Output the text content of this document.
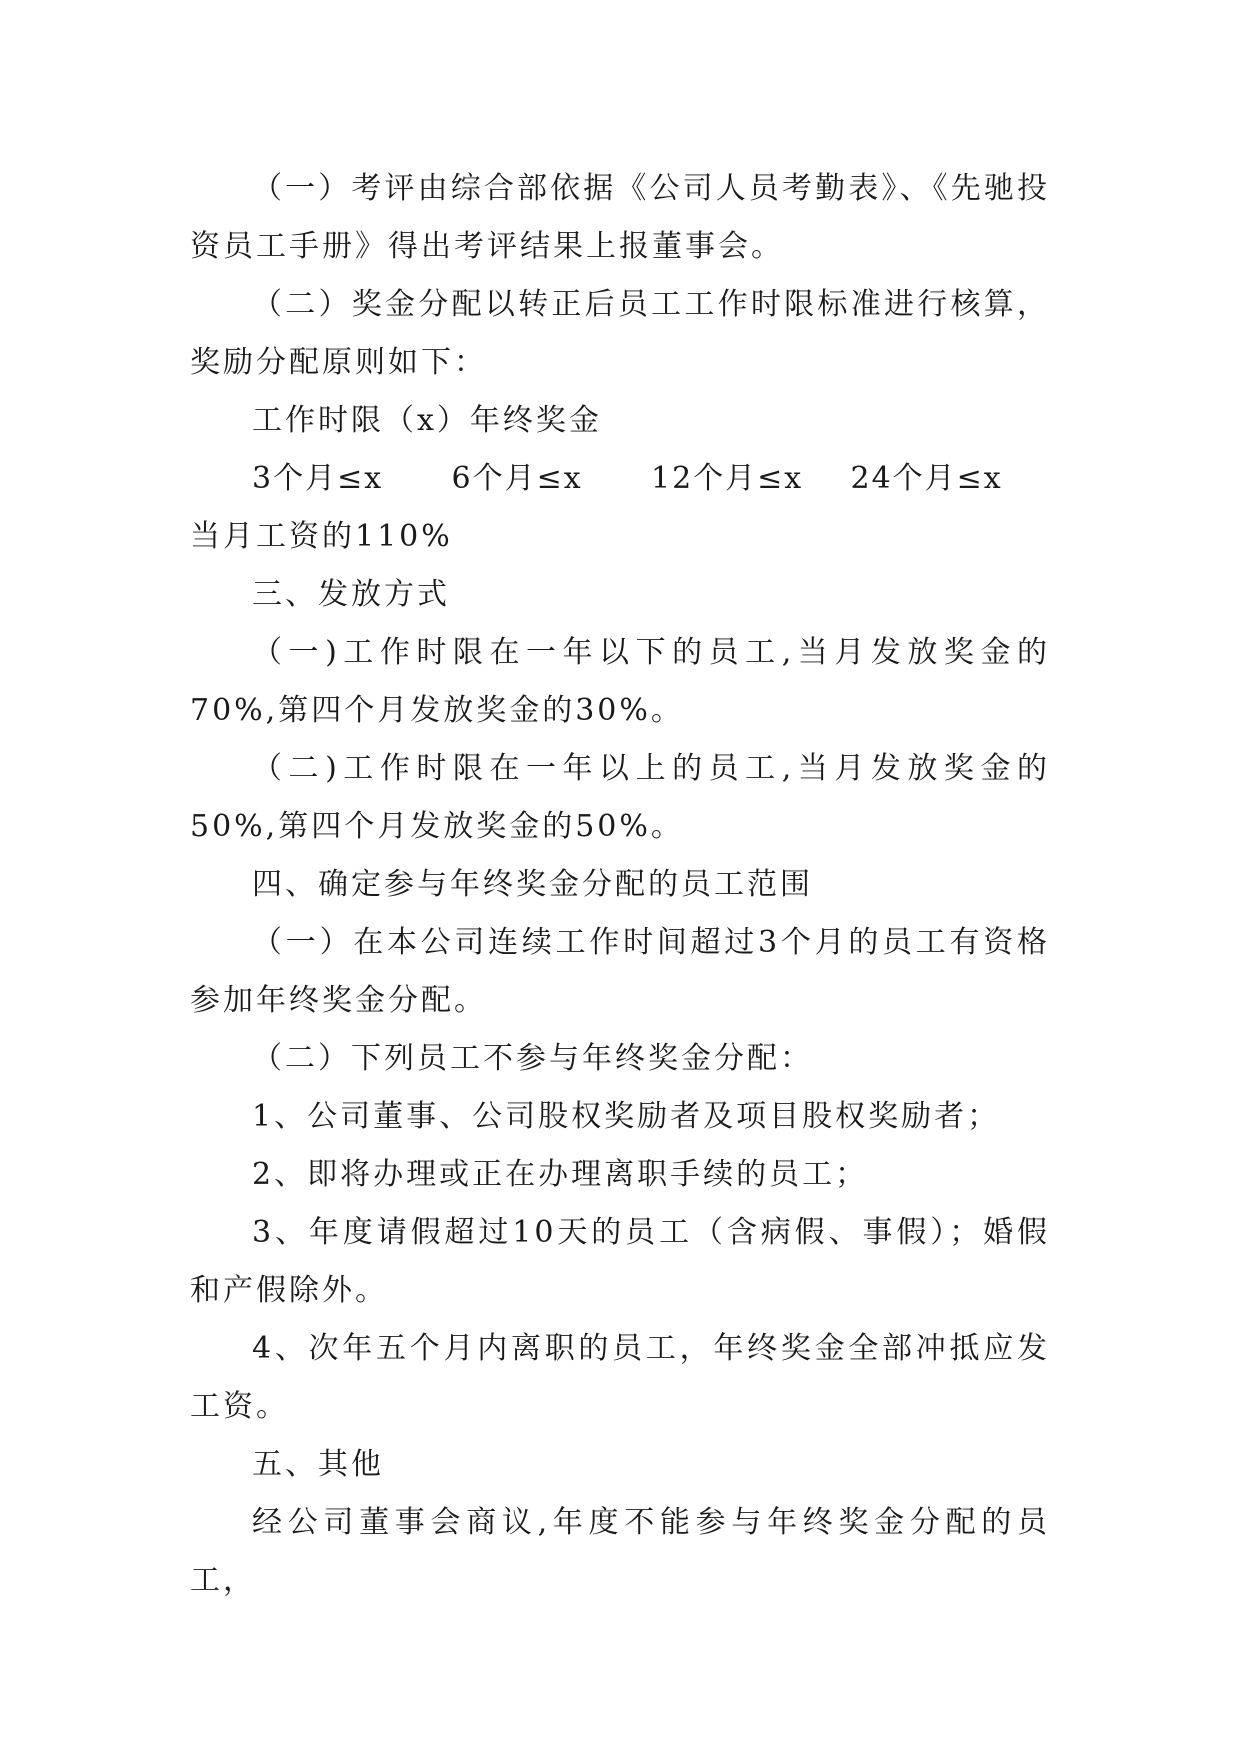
（一）考评由综合部依据《公司人员考勤表》、《先驰投资员工手册》得出考评结果上报董事会。

（二）奖金分配以转正后员工工作时限标准进行核算，奖励分配原则如下：

工作时限（x）年终奖金

3个月≤x	6个月≤x	12个月≤x	24个月≤x

当月工资的110%

三、发放方式

（一)工作时限在一年以下的员工,当月发放奖金的70%,第四个月发放奖金的30%。

（二)工作时限在一年以上的员工,当月发放奖金的50%,第四个月发放奖金的50%。

四、确定参与年终奖金分配的员工范围

（一）在本公司连续工作时间超过3个月的员工有资格参加年终奖金分配。

（二）下列员工不参与年终奖金分配：

1、公司董事、公司股权奖励者及项目股权奖励者；

2、即将办理或正在办理离职手续的员工；

3、年度请假超过10天的员工（含病假、事假）；婚假和产假除外。

4、次年五个月内离职的员工，年终奖金全部冲抵应发工资。

五、其他

经公司董事会商议,年度不能参与年终奖金分配的员工，
